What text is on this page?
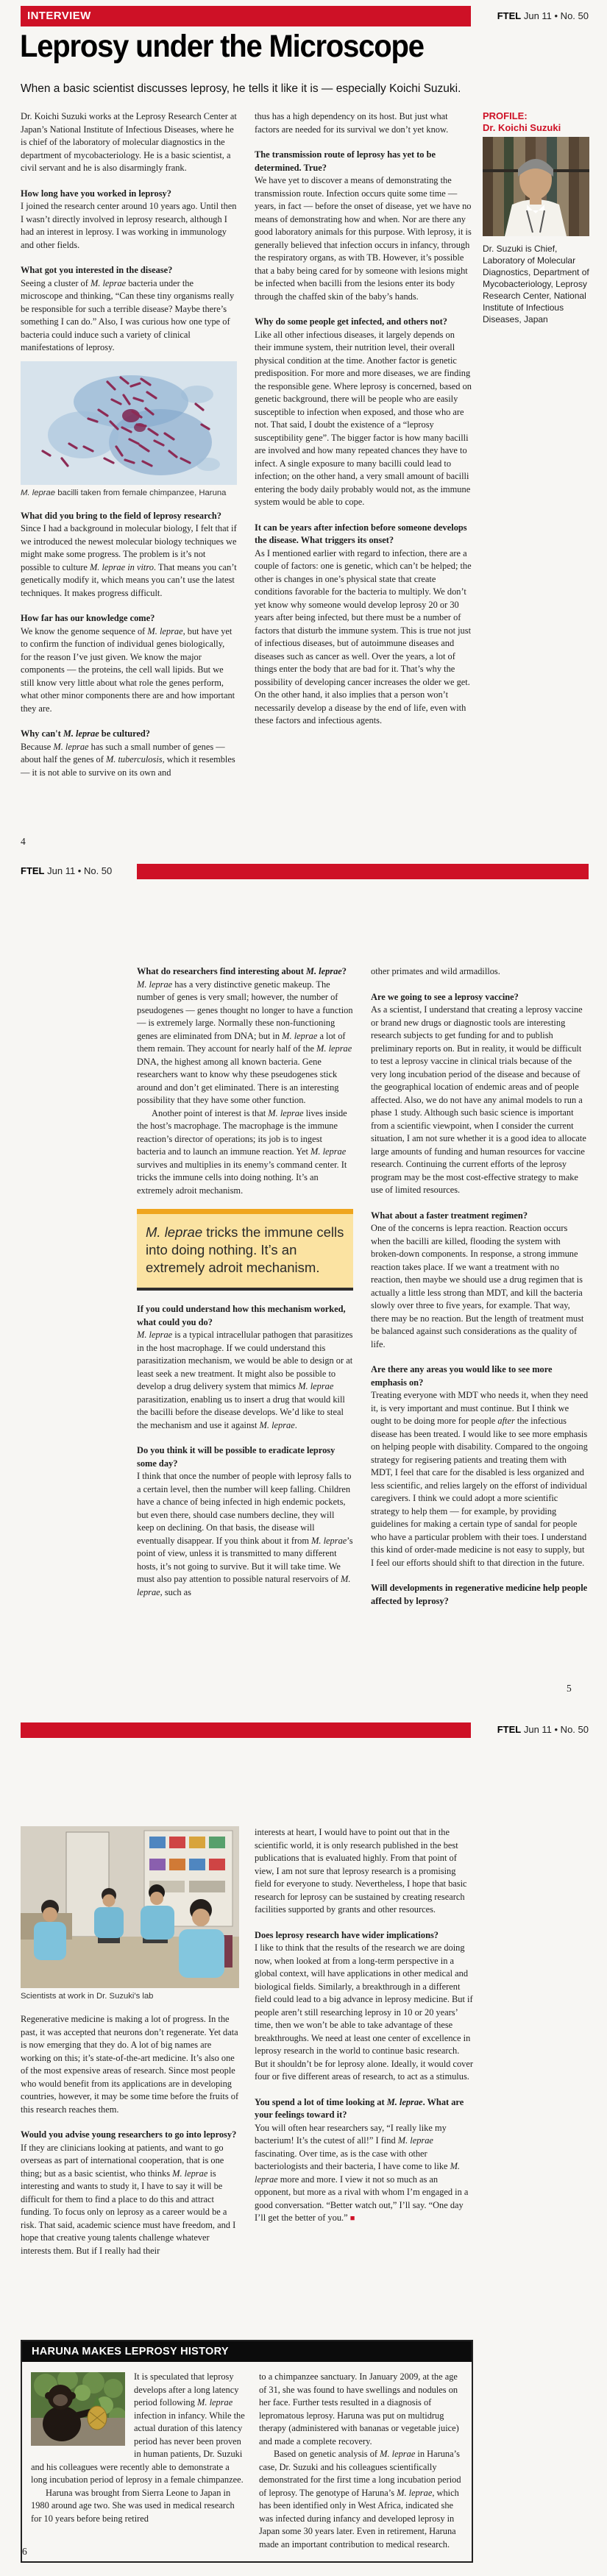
INTERVIEW	FTEL Jun 11 • No. 50
Leprosy under the Microscope
When a basic scientist discusses leprosy, he tells it like it is — especially Koichi Suzuki.
Dr. Koichi Suzuki works at the Leprosy Research Center at Japan’s National Institute of Infectious Diseases, where he is chief of the laboratory of molecular diagnostics in the department of mycobacteriology. He is a basic scientist, a civil servant and he is also disarmingly frank.
How long have you worked in leprosy?
I joined the research center around 10 years ago. Until then I wasn’t directly involved in leprosy research, although I had an interest in leprosy. I was working in immunology and other fields.
What got you interested in the disease?
Seeing a cluster of M. leprae bacteria under the microscope and thinking, “Can these tiny organisms really be responsible for such a terrible disease? Maybe there’s something I can do.” Also, I was curious how one type of bacteria could induce such a variety of clinical manifestations of leprosy.
M. leprae bacilli taken from female chimpanzee, Haruna
What did you bring to the field of leprosy research?
Since I had a background in molecular biology, I felt that if we introduced the newest molecular biology techniques we might make some progress. The problem is it’s not possible to culture M. leprae in vitro. That means you can’t genetically modify it, which means you can’t use the latest techniques. It makes progress difficult.
How far has our knowledge come?
We know the genome sequence of M. leprae, but have yet to confirm the function of individual genes biologically, for the reason I’ve just given. We know the major components — the proteins, the cell wall lipids. But we still know very little about what role the genes perform, what other minor components there are and how important they are.
Why can't M. leprae be cultured?
Because M. leprae has such a small number of genes — about half the genes of M. tuberculosis, which it resembles — it is not able to survive on its own and
thus has a high dependency on its host. But just what factors are needed for its survival we don’t yet know.
The transmission route of leprosy has yet to be determined. True?
We have yet to discover a means of demonstrating the transmission route. Infection occurs quite some time — years, in fact — before the onset of disease, yet we have no means of demonstrating how and when. Nor are there any good laboratory animals for this purpose. With leprosy, it is generally believed that infection occurs in infancy, through the respiratory organs, as with TB. However, it’s possible that a baby being cared for by someone with lesions might be infected when bacilli from the lesions enter its body through the chaffed skin of the baby’s hands.
Why do some people get infected, and others not?
Like all other infectious diseases, it largely depends on their immune system, their nutrition level, their overall physical condition at the time. Another factor is genetic predisposition. For more and more diseases, we are finding the responsible gene. Where leprosy is concerned, based on genetic background, there will be people who are easily susceptible to infection when exposed, and those who are not. That said, I doubt the existence of a “leprosy susceptibility gene”. The bigger factor is how many bacilli are involved and how many repeated chances they have to infect. A single exposure to many bacilli could lead to infection; on the other hand, a very small amount of bacilli entering the body daily probably would not, as the immune system would be able to cope.
It can be years after infection before someone develops the disease. What triggers its onset?
As I mentioned earlier with regard to infection, there are a couple of factors: one is genetic, which can’t be helped; the other is changes in one’s physical state that create conditions favorable for the bacteria to multiply. We don’t yet know why someone would develop leprosy 20 or 30 years after being infected, but there must be a number of factors that disturb the immune system. This is true not just of infectious diseases, but of autoimmune diseases and diseases such as cancer as well. Over the years, a lot of things enter the body that are bad for it. That’s why the possibility of developing cancer increases the older we get. On the other hand, it also implies that a person won’t necessarily develop a disease by the end of life, even with these factors and infectious agents.
PROFILE:
Dr. Koichi Suzuki
Dr. Suzuki is Chief, Laboratory of Molecular Diagnostics, Department of Mycobacteriology, Leprosy Research Center, National Institute of Infectious Diseases, Japan
4
FTEL Jun 11 • No. 50
What do researchers find interesting about M. leprae?
M. leprae has a very distinctive genetic makeup. The number of genes is very small; however, the number of pseudogenes — genes thought no longer to have a function — is extremely large. Normally these non-functioning genes are eliminated from DNA; but in M. leprae a lot of them remain. They account for nearly half of the M. leprae DNA, the highest among all known bacteria. Gene researchers want to know why these pseudogenes stick around and don’t get eliminated. There is an interesting possibility that they have some other function.
Another point of interest is that M. leprae lives inside the host’s macrophage. The macrophage is the immune reaction’s director of operations; its job is to ingest bacteria and to launch an immune reaction. Yet M. leprae survives and multiplies in its enemy’s command center. It tricks the immune cells into doing nothing. It’s an extremely adroit mechanism.
M. leprae tricks the immune cells into doing nothing. It’s an extremely adroit mechanism.
If you could understand how this mechanism worked, what could you do?
M. leprae is a typical intracellular pathogen that parasitizes in the host macrophage. If we could understand this parasitization mechanism, we would be able to design or at least seek a new treatment. It might also be possible to develop a drug delivery system that mimics M. leprae parasitization, enabling us to insert a drug that would kill the bacilli before the disease develops. We’d like to steal the mechanism and use it against M. leprae.
Do you think it will be possible to eradicate leprosy some day?
I think that once the number of people with leprosy falls to a certain level, then the number will keep falling. Children have a chance of being infected in high endemic pockets, but even there, should case numbers decline, they will keep on declining. On that basis, the disease will eventually disappear. If you think about it from M. leprae’s point of view, unless it is transmitted to many different hosts, it’s not going to survive. But it will take time. We must also pay attention to possible natural reservoirs of M. leprae, such as
other primates and wild armadillos.
Are we going to see a leprosy vaccine?
As a scientist, I understand that creating a leprosy vaccine or brand new drugs or diagnostic tools are interesting research subjects to get funding for and to publish preliminary reports on. But in reality, it would be difficult to test a leprosy vaccine in clinical trials because of the very long incubation period of the disease and because of the geographical location of endemic areas and of people affected. Also, we do not have any animal models to run a phase 1 study. Although such basic science is important from a scientific viewpoint, when I consider the current situation, I am not sure whether it is a good idea to allocate large amounts of funding and human resources for vaccine research. Continuing the current efforts of the leprosy program may be the most cost-effective strategy to make use of limited resources.
What about a faster treatment regimen?
One of the concerns is lepra reaction. Reaction occurs when the bacilli are killed, flooding the system with broken-down components. In response, a strong immune reaction takes place. If we want a treatment with no reaction, then maybe we should use a drug regimen that is actually a little less strong than MDT, and kill the bacteria slowly over three to five years, for example. That way, there may be no reaction. But the length of treatment must be balanced against such considerations as the quality of life.
Are there any areas you would like to see more emphasis on?
Treating everyone with MDT who needs it, when they need it, is very important and must continue. But I think we ought to be doing more for people after the infectious disease has been treated. I would like to see more emphasis on helping people with disability. Compared to the ongoing strategy for regisering patients and treating them with MDT, I feel that care for the disabled is less organized and less scientific, and relies largely on the efforst of individual caregivers. I think we could adopt a more scientific strategy to help them — for example, by providing guidelines for making a certain type of sandal for people who have a particular problem with their toes. I understand this kind of order-made medicine is not easy to supply, but I feel our efforts should shift to that direction in the future.
Will developments in regenerative medicine help people affected by leprosy?
5
FTEL Jun 11 • No. 50
Scientists at work in Dr. Suzuki's lab
Regenerative medicine is making a lot of progress. In the past, it was accepted that neurons don’t regenerate. Yet data is now emerging that they do. A lot of big names are working on this; it’s state-of-the-art medicine. It’s also one of the most expensive areas of research. Since most people who would benefit from its applications are in developing countries, however, it may be some time before the fruits of this research reaches them.
Would you advise young researchers to go into leprosy?
If they are clinicians looking at patients, and want to go overseas as part of international cooperation, that is one thing; but as a basic scientist, who thinks M. leprae is interesting and wants to study it, I have to say it will be difficult for them to find a place to do this and attract funding. To focus only on leprosy as a career would be a risk. That said, academic science must have freedom, and I hope that creative young talents challenge whatever interests them. But if I really had their
interests at heart, I would have to point out that in the scientific world, it is only research published in the best publications that is evaluated highly. From that point of view, I am not sure that leprosy research is a promising field for everyone to study. Nevertheless, I hope that basic research for leprosy can be sustained by creating research facilities supported by grants and other resources.
Does leprosy research have wider implications?
I like to think that the results of the research we are doing now, when looked at from a long-term perspective in a global context, will have applications in other medical and biological fields. Similarly, a breakthrough in a different field could lead to a big advance in leprosy medicine. But if people aren’t still researching leprosy in 10 or 20 years’ time, then we won’t be able to take advantage of these breakthroughs. We need at least one center of excellence in leprosy research in the world to continue basic research. But it shouldn’t be for leprosy alone. Ideally, it would cover four or five different areas of research, to act as a stimulus.
You spend a lot of time looking at M. leprae. What are your feelings toward it?
You will often hear researchers say, “I really like my bacterium! It’s the cutest of all!” I find M. leprae fascinating. Over time, as is the case with other bacteriologists and their bacteria, I have come to like M. leprae more and more. I view it not so much as an opponent, but more as a rival with whom I’m engaged in a good conversation. “Better watch out,” I’ll say. “One day I’ll get the better of you.” ■
HARUNA MAKES LEPROSY HISTORY
It is speculated that leprosy develops after a long latency period following M. leprae infection in infancy. While the actual duration of this latency period has never been proven in human patients, Dr. Suzuki and his colleagues were recently able to demonstrate a long incubation period of leprosy in a female chimpanzee.
Haruna was brought from Sierra Leone to Japan in 1980 around age two. She was used in medical research for 10 years before being retired
to a chimpanzee sanctuary. In January 2009, at the age of 31, she was found to have swellings and nodules on her face. Further tests resulted in a diagnosis of lepromatous leprosy. Haruna was put on multidrug therapy (administered with bananas or vegetable juice) and made a complete recovery.
Based on genetic analysis of M. leprae in Haruna’s case, Dr. Suzuki and his colleagues scientifically demonstrated for the first time a long incubation period of leprosy. The genotype of Haruna’s M. leprae, which has been identified only in West Africa, indicated she was infected during infancy and developed leprosy in Japan some 30 years later. Even in retirement, Haruna made an important contribution to medical research.
6
